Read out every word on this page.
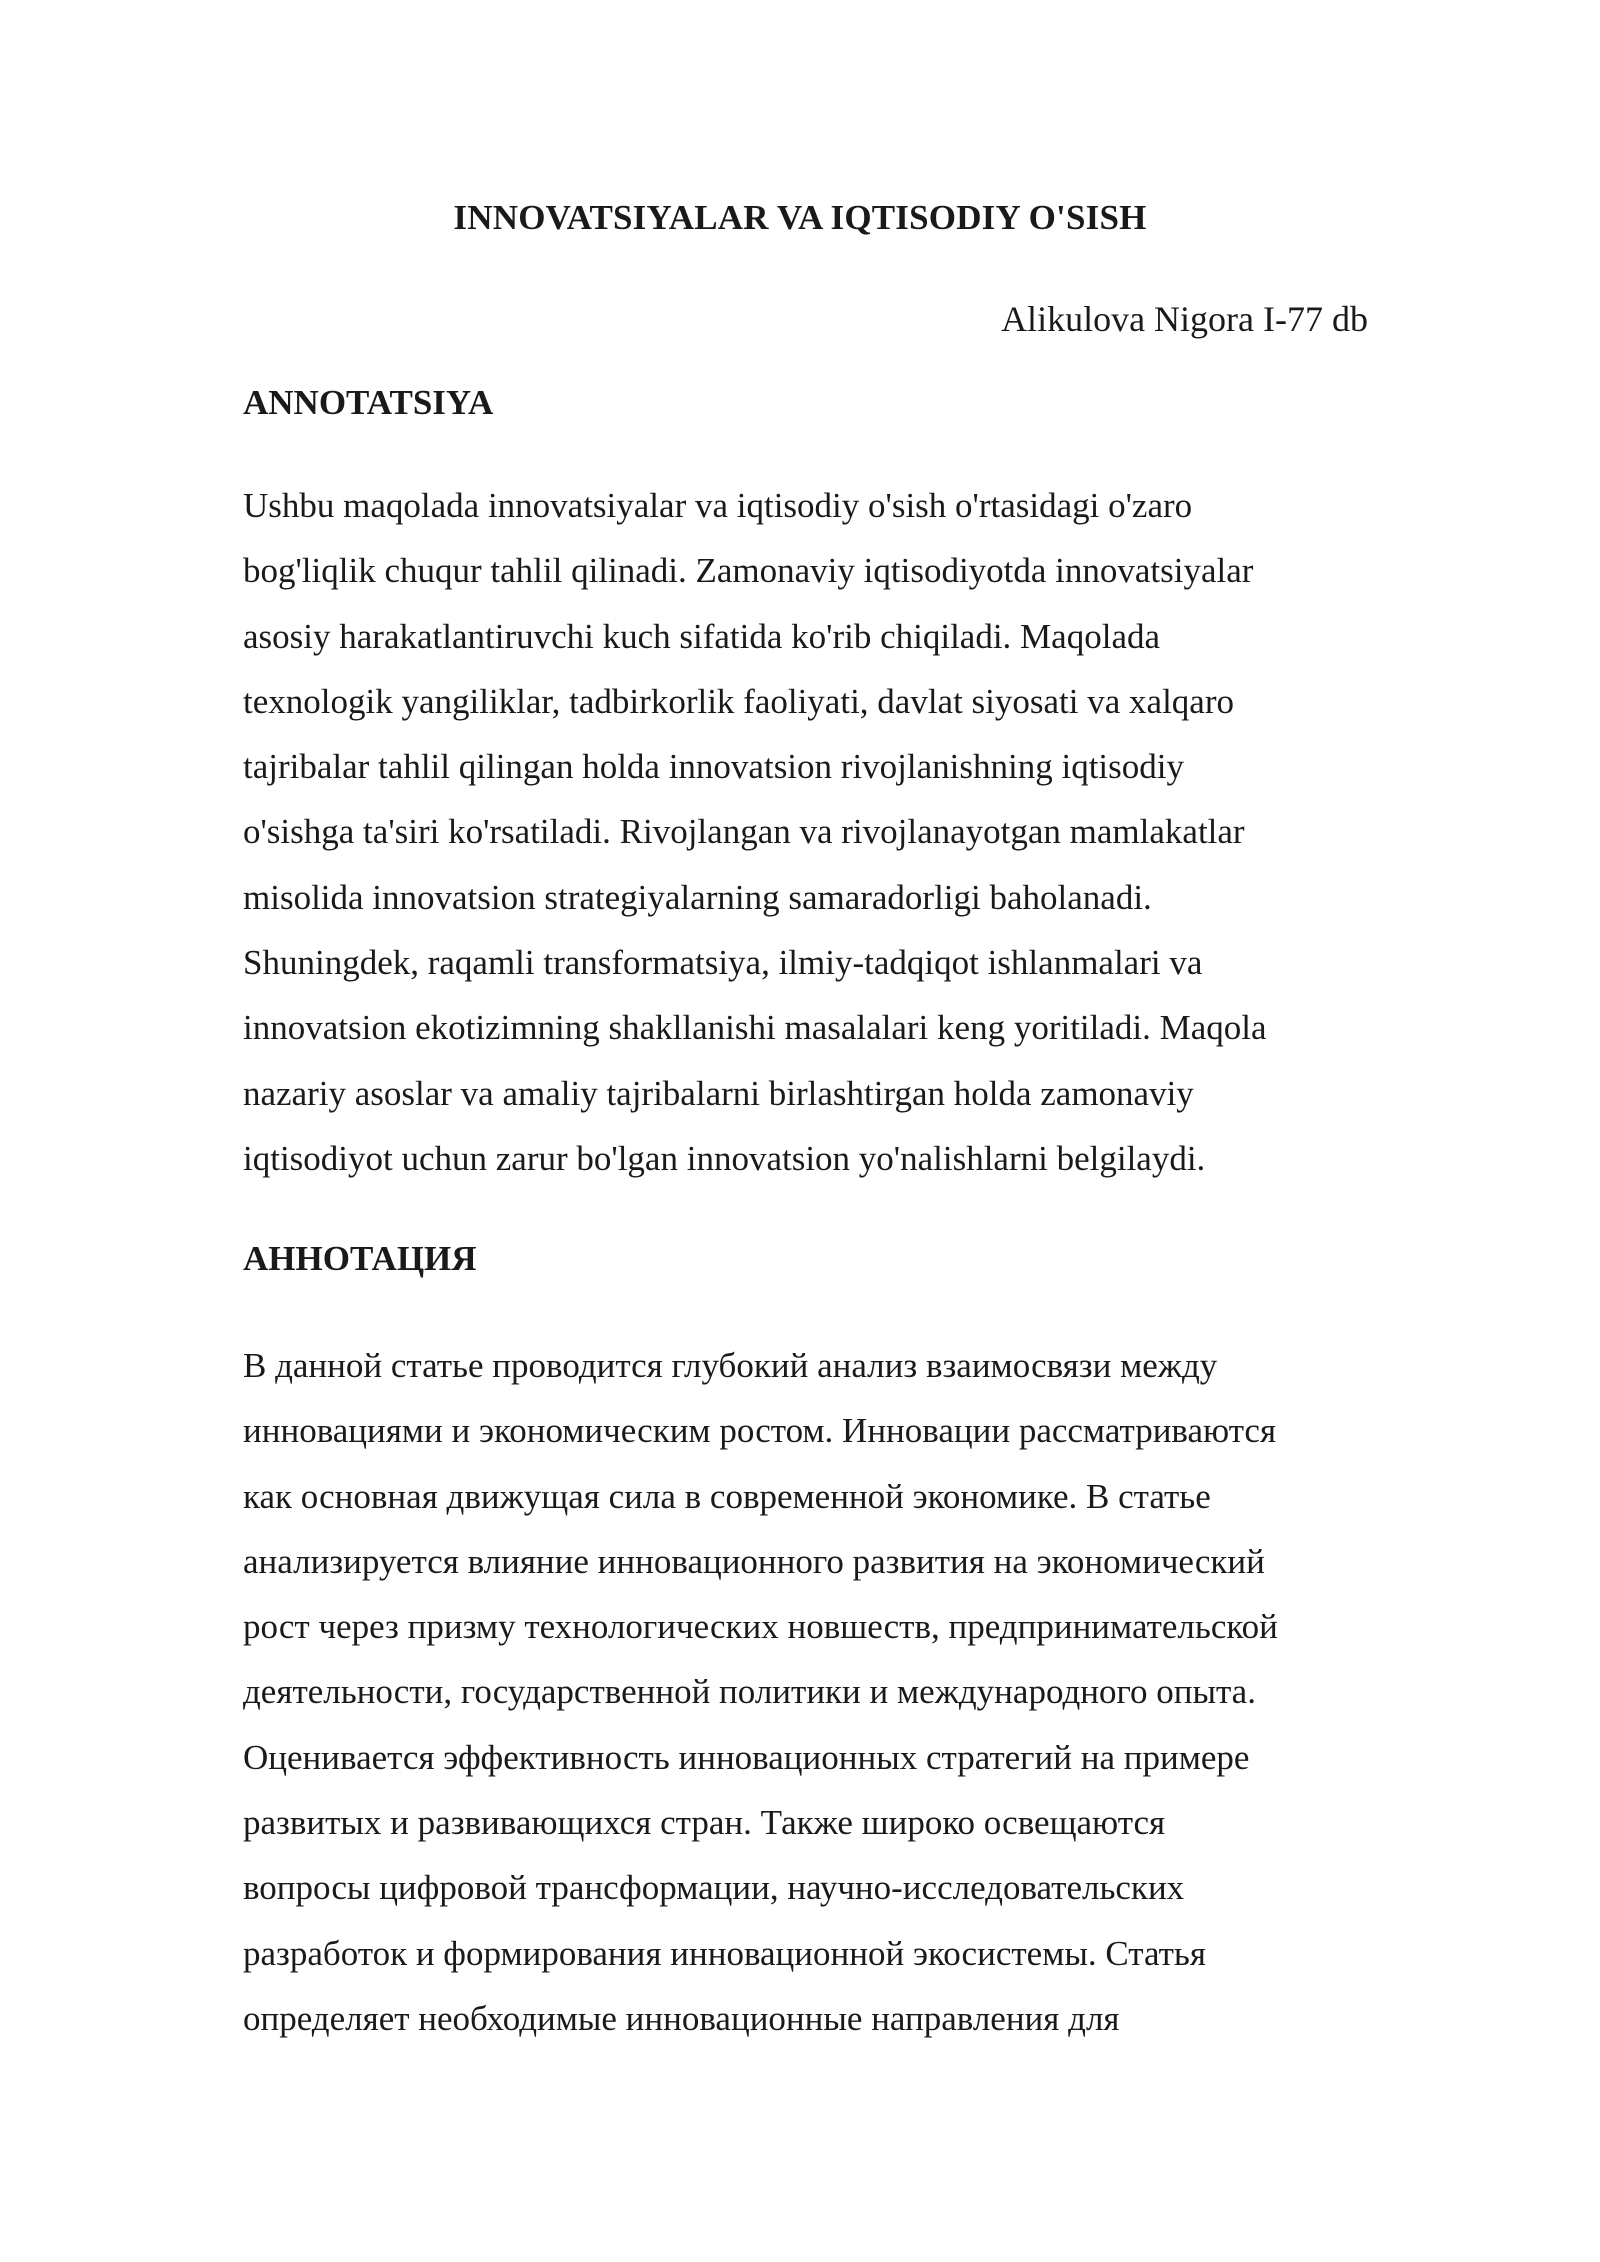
INNOVATSIYALAR VA IQTISODIY O'SISH
Alikulova Nigora I-77 db
ANNOTATSIYA
Ushbu maqolada innovatsiyalar va iqtisodiy o'sish o'rtasidagi o'zaro
bog'liqlik chuqur tahlil qilinadi. Zamonaviy iqtisodiyotda innovatsiyalar
asosiy harakatlantiruvchi kuch sifatida ko'rib chiqiladi. Maqolada
texnologik yangiliklar, tadbirkorlik faoliyati, davlat siyosati va xalqaro
tajribalar tahlil qilingan holda innovatsion rivojlanishning iqtisodiy
o'sishga ta'siri ko'rsatiladi. Rivojlangan va rivojlanayotgan mamlakatlar
misolida innovatsion strategiyalarning samaradorligi baholanadi.
Shuningdek, raqamli transformatsiya, ilmiy-tadqiqot ishlanmalari va
innovatsion ekotizimning shakllanishi masalalari keng yoritiladi. Maqola
nazariy asoslar va amaliy tajribalarni birlashtirgan holda zamonaviy
iqtisodiyot uchun zarur bo'lgan innovatsion yo'nalishlarni belgilaydi.
АННОТАЦИЯ
В данной статье проводится глубокий анализ взаимосвязи между
инновациями и экономическим ростом. Инновации рассматриваются
как основная движущая сила в современной экономике. В статье
анализируется влияние инновационного развития на экономический
рост через призму технологических новшеств, предпринимательской
деятельности, государственной политики и международного опыта.
Оценивается эффективность инновационных стратегий на примере
развитых и развивающихся стран. Также широко освещаются
вопросы цифровой трансформации, научно-исследовательских
разработок и формирования инновационной экосистемы. Статья
определяет необходимые инновационные направления для
